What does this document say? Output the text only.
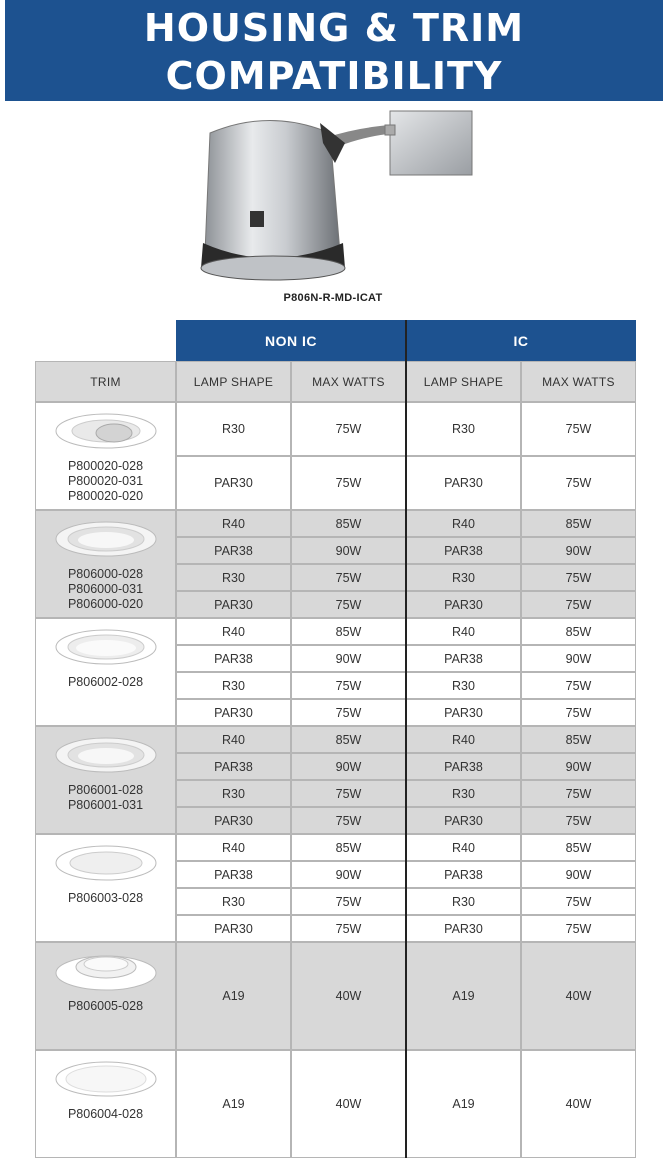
HOUSING & TRIM
COMPATIBILITY
P806N-R-MD-ICAT
NON IC	IC
TRIM	LAMP SHAPE	MAX WATTS	LAMP SHAPE	MAX WATTS
P800020-028
P800020-031
P800020-020
R30	75W	R30	75W
PAR30	75W	PAR30	75W
P806000-028
P806000-031
P806000-020
R40	85W	R40	85W
PAR38	90W	PAR38	90W
R30	75W	R30	75W
PAR30	75W	PAR30	75W
P806002-028
R40	85W	R40	85W
PAR38	90W	PAR38	90W
R30	75W	R30	75W
PAR30	75W	PAR30	75W
P806001-028
P806001-031
R40	85W	R40	85W
PAR38	90W	PAR38	90W
R30	75W	R30	75W
PAR30	75W	PAR30	75W
P806003-028
R40	85W	R40	85W
PAR38	90W	PAR38	90W
R30	75W	R30	75W
PAR30	75W	PAR30	75W
P806005-028
A19	40W	A19	40W
P806004-028
A19	40W	A19	40W
